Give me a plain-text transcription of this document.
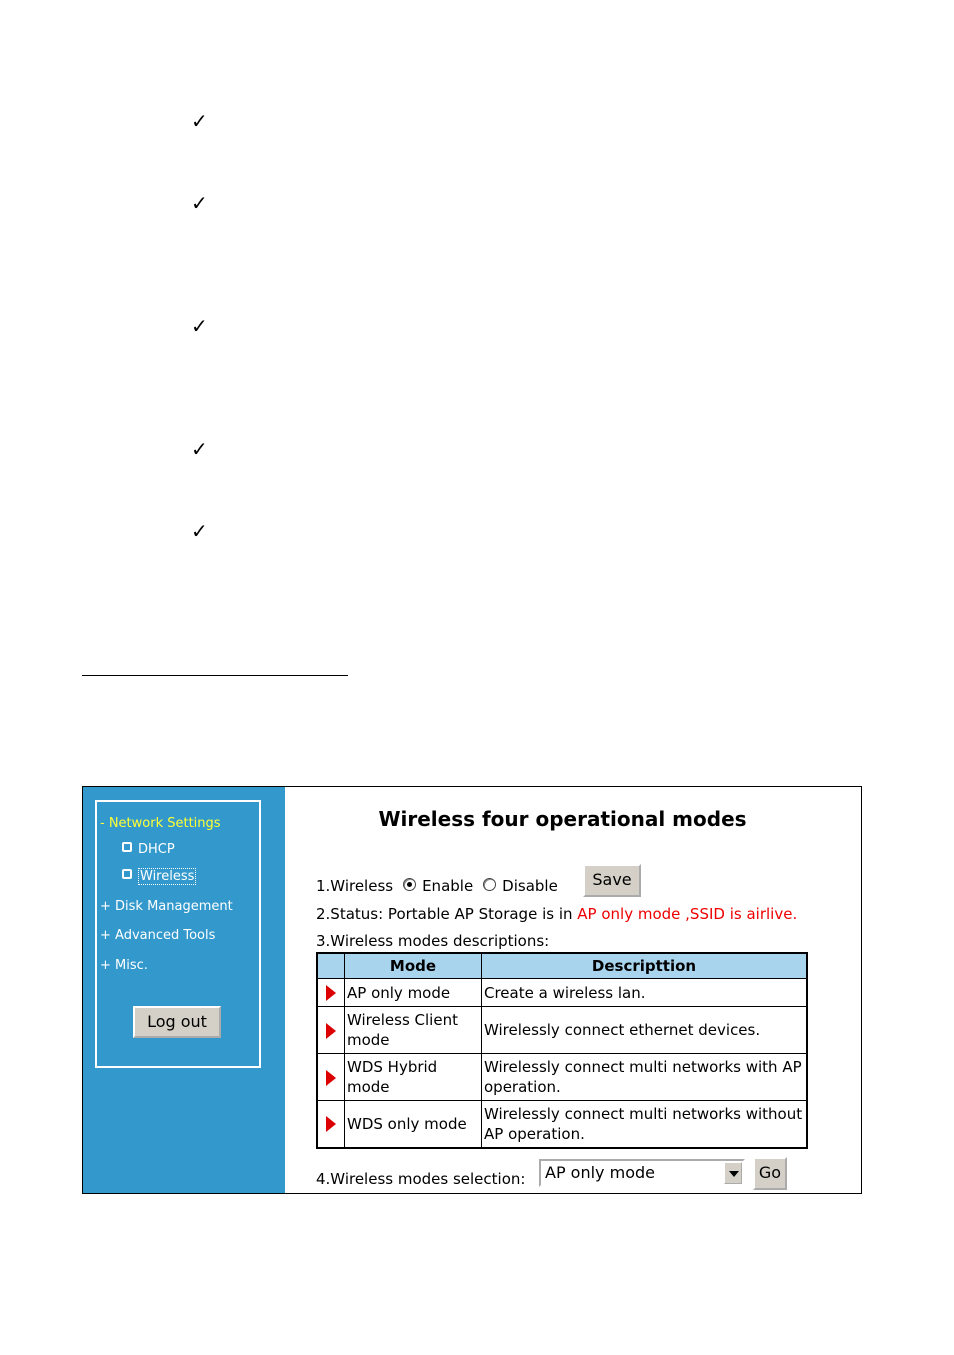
✓
✓
✓
✓
✓
- Network Settings
DHCP
Wireless
+ Disk Management
+ Advanced Tools
+ Misc.
Log out
Wireless four operational modes
1.Wireless Enable Disable	Save
2.Status: Portable AP Storage is in AP only mode ,SSID is airlive.
3.Wireless modes descriptions:
	Mode	Descripttion
	AP only mode	Create a wireless lan.
	Wireless Client mode	Wirelessly connect ethernet devices.
	WDS Hybrid mode	Wirelessly connect multi networks with AP operation.
	WDS only mode	Wirelessly connect multi networks without AP operation.
4.Wireless modes selection:	AP only mode	Go
